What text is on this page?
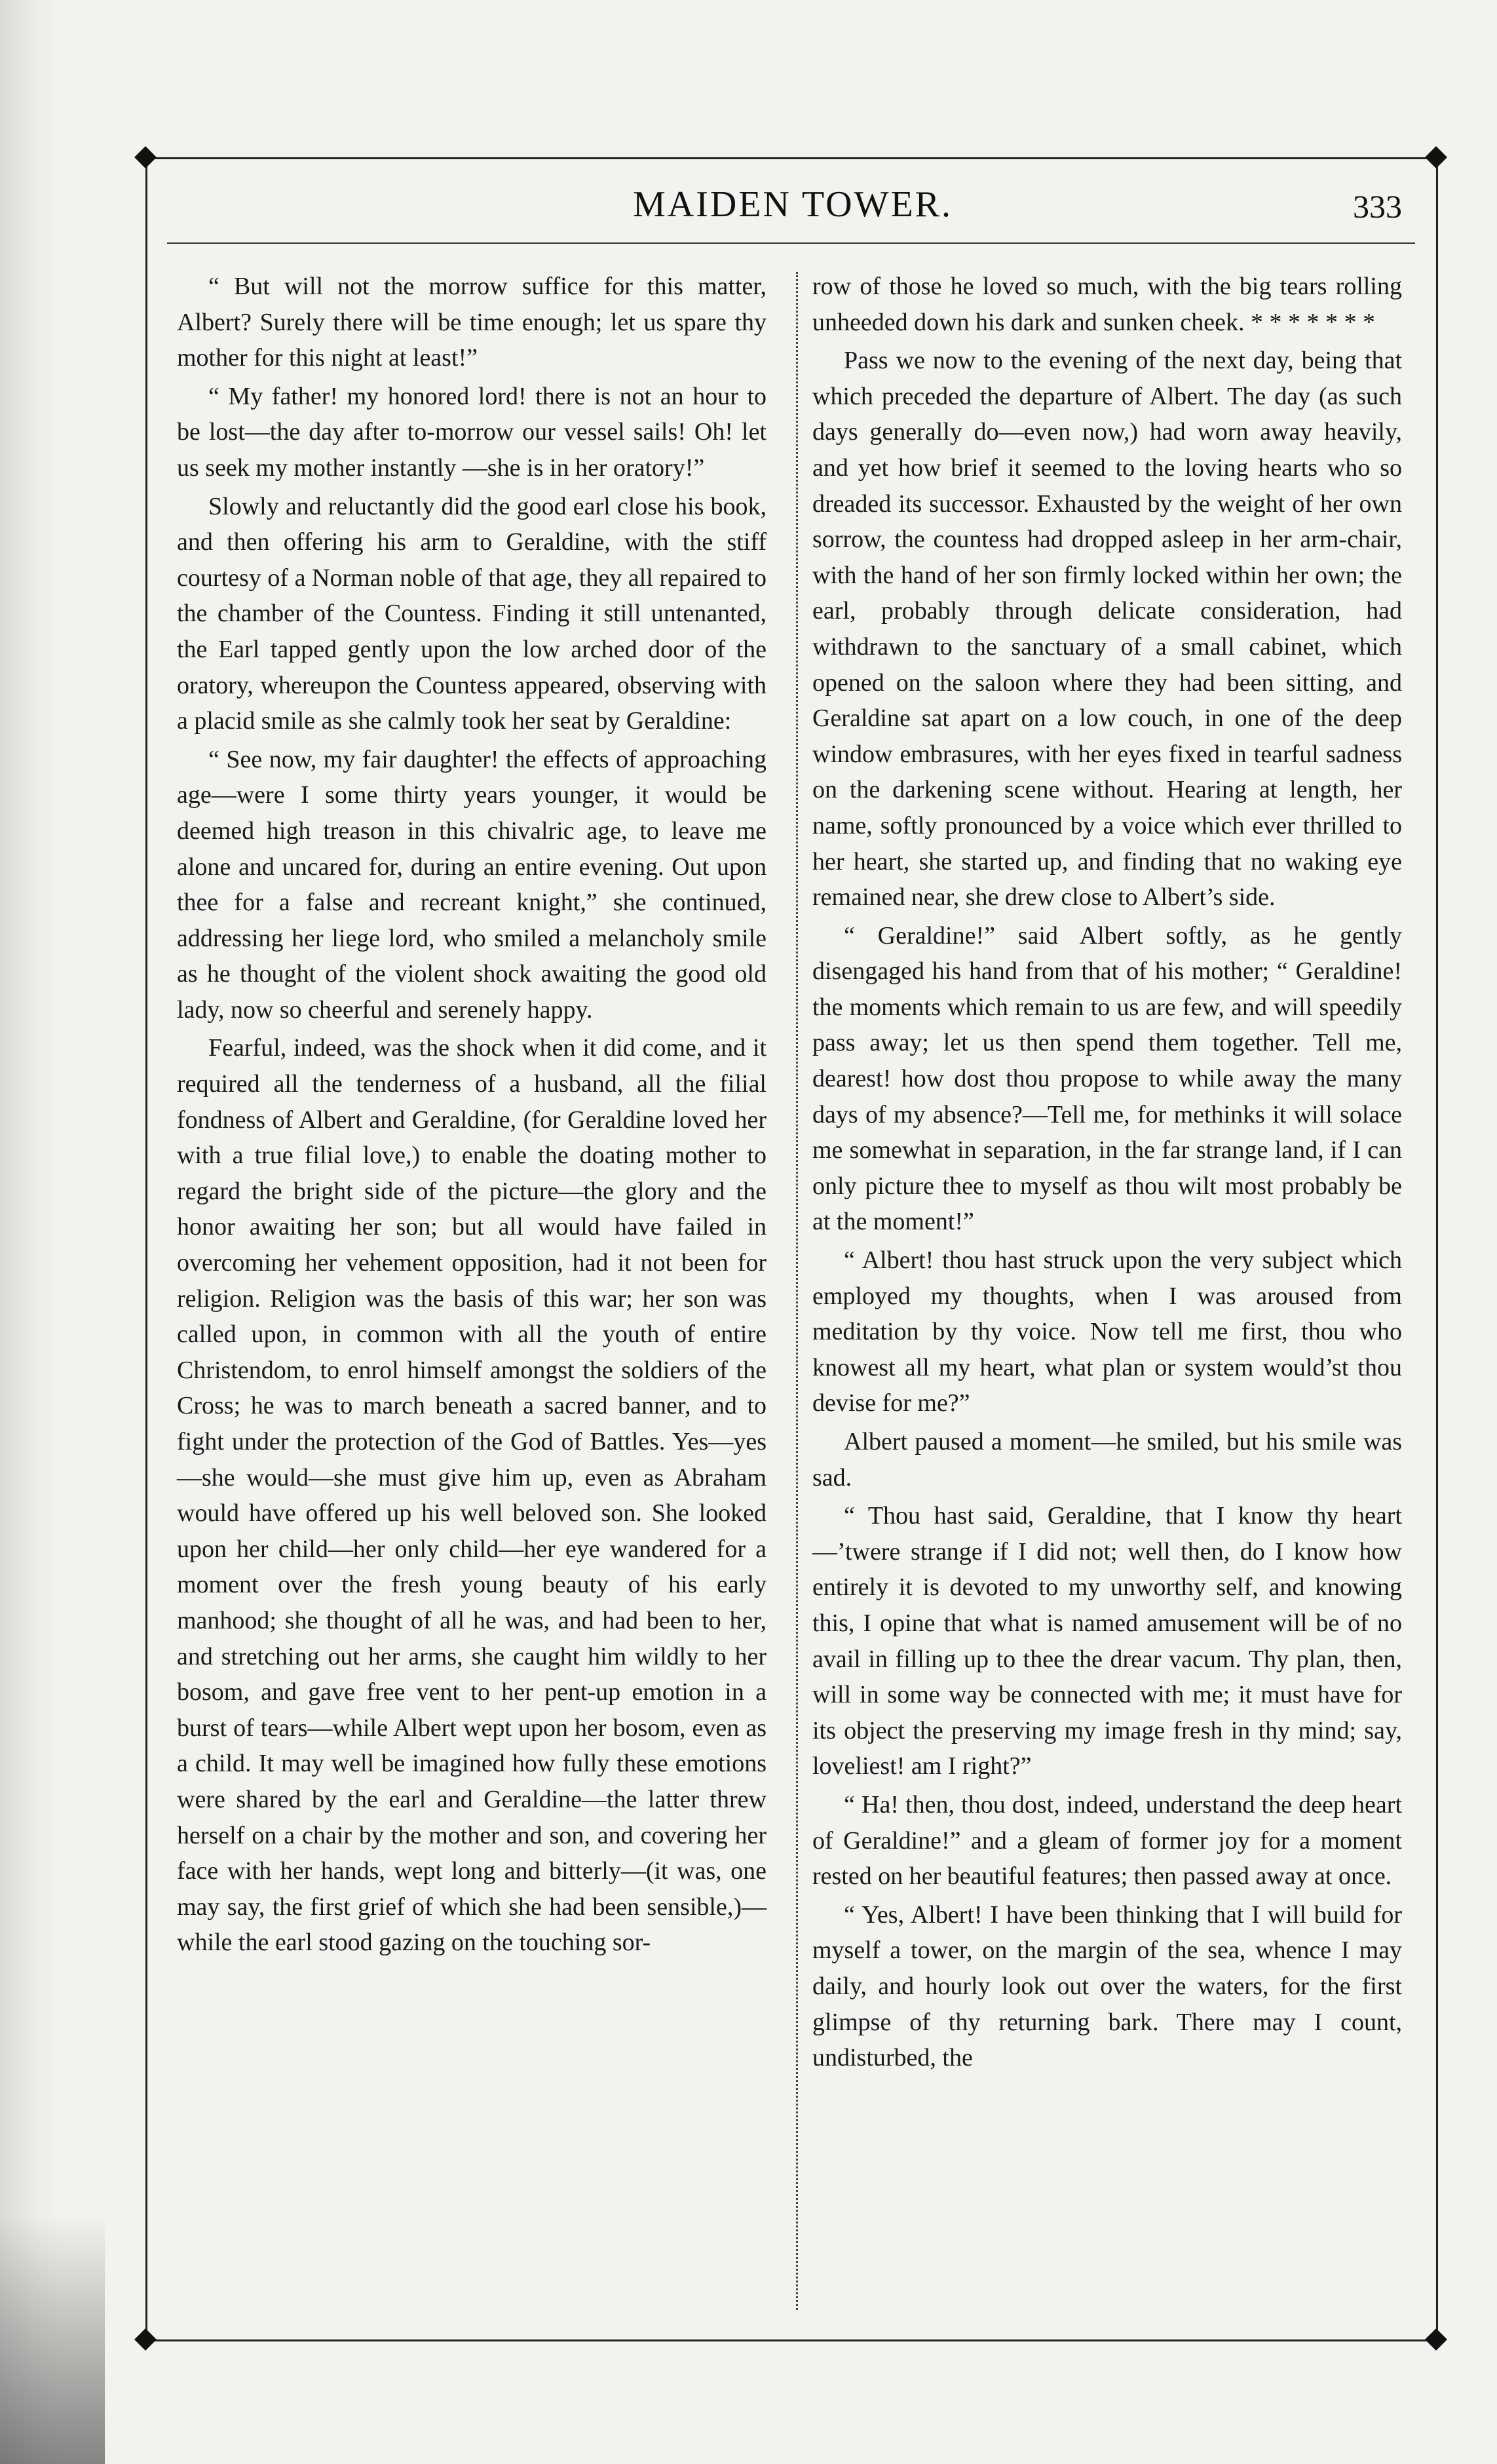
MAIDEN TOWER.	333

“ But will not the morrow suffice for this matter, Albert? Surely there will be time enough; let us spare thy mother for this night at least!”

“ My father! my honored lord! there is not an hour to be lost—the day after to-morrow our vessel sails! Oh! let us seek my mother instantly —she is in her oratory!”

Slowly and reluctantly did the good earl close his book, and then offering his arm to Geraldine, with the stiff courtesy of a Norman noble of that age, they all repaired to the chamber of the Countess. Finding it still untenanted, the Earl tapped gently upon the low arched door of the oratory, whereupon the Countess appeared, observing with a placid smile as she calmly took her seat by Geraldine:

“ See now, my fair daughter! the effects of approaching age—were I some thirty years younger, it would be deemed high treason in this chivalric age, to leave me alone and uncared for, during an entire evening. Out upon thee for a false and recreant knight,” she continued, addressing her liege lord, who smiled a melancholy smile as he thought of the violent shock awaiting the good old lady, now so cheerful and serenely happy.

Fearful, indeed, was the shock when it did come, and it required all the tenderness of a husband, all the filial fondness of Albert and Geraldine, (for Geraldine loved her with a true filial love,) to enable the doating mother to regard the bright side of the picture—the glory and the honor awaiting her son; but all would have failed in overcoming her vehement opposition, had it not been for religion. Religion was the basis of this war; her son was called upon, in common with all the youth of entire Christendom, to enrol himself amongst the soldiers of the Cross; he was to march beneath a sacred banner, and to fight under the protection of the God of Battles. Yes—yes—she would—she must give him up, even as Abraham would have offered up his well beloved son. She looked upon her child—her only child—her eye wandered for a moment over the fresh young beauty of his early manhood; she thought of all he was, and had been to her, and stretching out her arms, she caught him wildly to her bosom, and gave free vent to her pent-up emotion in a burst of tears—while Albert wept upon her bosom, even as a child. It may well be imagined how fully these emotions were shared by the earl and Geraldine—the latter threw herself on a chair by the mother and son, and covering her face with her hands, wept long and bitterly—(it was, one may say, the first grief of which she had been sensible,)—while the earl stood gazing on the touching sor-

row of those he loved so much, with the big tears rolling unheeded down his dark and sunken cheek. * * * * * * *

Pass we now to the evening of the next day, being that which preceded the departure of Albert. The day (as such days generally do—even now,) had worn away heavily, and yet how brief it seemed to the loving hearts who so dreaded its successor. Exhausted by the weight of her own sorrow, the countess had dropped asleep in her arm-chair, with the hand of her son firmly locked within her own; the earl, probably through delicate consideration, had withdrawn to the sanctuary of a small cabinet, which opened on the saloon where they had been sitting, and Geraldine sat apart on a low couch, in one of the deep window embrasures, with her eyes fixed in tearful sadness on the darkening scene without. Hearing at length, her name, softly pronounced by a voice which ever thrilled to her heart, she started up, and finding that no waking eye remained near, she drew close to Albert’s side.

“ Geraldine!” said Albert softly, as he gently disengaged his hand from that of his mother; “ Geraldine! the moments which remain to us are few, and will speedily pass away; let us then spend them together. Tell me, dearest! how dost thou propose to while away the many days of my absence?—Tell me, for methinks it will solace me somewhat in separation, in the far strange land, if I can only picture thee to myself as thou wilt most probably be at the moment!”

“ Albert! thou hast struck upon the very subject which employed my thoughts, when I was aroused from meditation by thy voice. Now tell me first, thou who knowest all my heart, what plan or system would’st thou devise for me?”

Albert paused a moment—he smiled, but his smile was sad.

“ Thou hast said, Geraldine, that I know thy heart—’twere strange if I did not; well then, do I know how entirely it is devoted to my unworthy self, and knowing this, I opine that what is named amusement will be of no avail in filling up to thee the drear vacum. Thy plan, then, will in some way be connected with me; it must have for its object the preserving my image fresh in thy mind; say, loveliest! am I right?”

“ Ha! then, thou dost, indeed, understand the deep heart of Geraldine!” and a gleam of former joy for a moment rested on her beautiful features; then passed away at once.

“ Yes, Albert! I have been thinking that I will build for myself a tower, on the margin of the sea, whence I may daily, and hourly look out over the waters, for the first glimpse of thy returning bark. There may I count, undisturbed, the
